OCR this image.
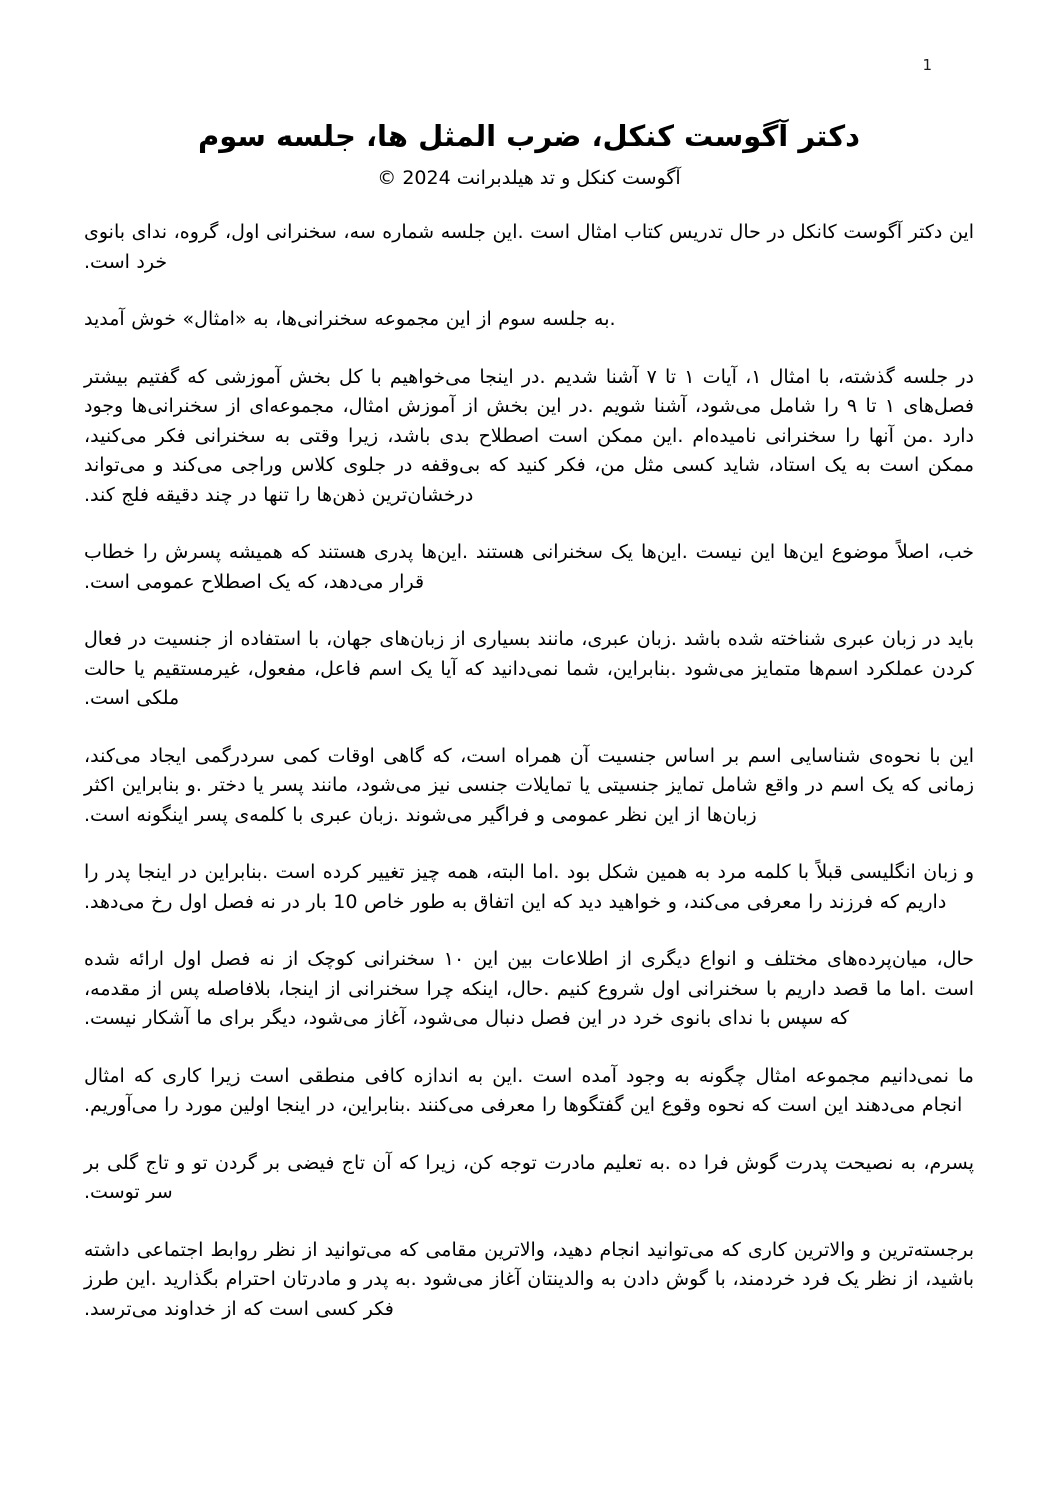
1
دکتر آگوست کنکل، ضرب المثل ها، جلسه سوم
آگوست کنکل و تد هیلدبرانت 2024 ©

این دکتر آگوست کانکل در حال تدریس کتاب امثال است .این جلسه شماره سه، سخنرانی اول، گروه، ندای بانوی خرد است.

.به جلسه سوم از این مجموعه سخنرانی‌ها، به «امثال» خوش آمدید

در جلسه گذشته، با امثال ۱، آیات ۱ تا ۷ آشنا شدیم .در اینجا می‌خواهیم با کل بخش آموزشی که گفتیم بیشتر فصل‌های ۱ تا ۹ را شامل می‌شود، آشنا شویم .در این بخش از آموزش امثال، مجموعه‌ای از سخنرانی‌ها وجود دارد .من آنها را سخنرانی نامیده‌ام .این ممکن است اصطلاح بدی باشد، زیرا وقتی به سخنرانی فکر می‌کنید، ممکن است به یک استاد، شاید کسی مثل من، فکر کنید که بی‌وقفه در جلوی کلاس وراجی می‌کند و می‌تواند درخشان‌ترین ذهن‌ها را تنها در چند دقیقه فلج کند.

خب، اصلاً موضوع این‌ها این نیست .این‌ها یک سخنرانی هستند .این‌ها پدری هستند که همیشه پسرش را خطاب قرار می‌دهد، که یک اصطلاح عمومی است.

باید در زبان عبری شناخته شده باشد .زبان عبری، مانند بسیاری از زبان‌های جهان، با استفاده از جنسیت در فعال کردن عملکرد اسم‌ها متمایز می‌شود .بنابراین، شما نمی‌دانید که آیا یک اسم فاعل، مفعول، غیرمستقیم یا حالت ملکی است.

این با نحوه‌ی شناسایی اسم بر اساس جنسیت آن همراه است، که گاهی اوقات کمی سردرگمی ایجاد می‌کند، زمانی که یک اسم در واقع شامل تمایز جنسیتی یا تمایلات جنسی نیز می‌شود، مانند پسر یا دختر .و بنابراین اکثر زبان‌ها از این نظر عمومی و فراگیر می‌شوند .زبان عبری با کلمه‌ی پسر اینگونه است.

و زبان انگلیسی قبلاً با کلمه مرد به همین شکل بود .اما البته، همه چیز تغییر کرده است .بنابراین در اینجا پدر را داریم که فرزند را معرفی می‌کند، و خواهید دید که این اتفاق به طور خاص 10 بار در نه فصل اول رخ می‌دهد.

حال، میان‌پرده‌های مختلف و انواع دیگری از اطلاعات بین این ۱۰ سخنرانی کوچک از نه فصل اول ارائه شده است .اما ما قصد داریم با سخنرانی اول شروع کنیم .حال، اینکه چرا سخنرانی از اینجا، بلافاصله پس از مقدمه، که سپس با ندای بانوی خرد در این فصل دنبال می‌شود، آغاز می‌شود، دیگر برای ما آشکار نیست.

ما نمی‌دانیم مجموعه امثال چگونه به وجود آمده است .این به اندازه کافی منطقی است زیرا کاری که امثال انجام می‌دهند این است که نحوه وقوع این گفتگوها را معرفی می‌کنند .بنابراین، در اینجا اولین مورد را می‌آوریم.

پسرم، به نصیحت پدرت گوش فرا ده .به تعلیم مادرت توجه کن، زیرا که آن تاج فیضی بر گردن تو و تاج گلی بر سر توست.

برجسته‌ترین و والاترین کاری که می‌توانید انجام دهید، والاترین مقامی که می‌توانید از نظر روابط اجتماعی داشته باشید، از نظر یک فرد خردمند، با گوش دادن به والدینتان آغاز می‌شود .به پدر و مادرتان احترام بگذارید .این طرز فکر کسی است که از خداوند می‌ترسد.
